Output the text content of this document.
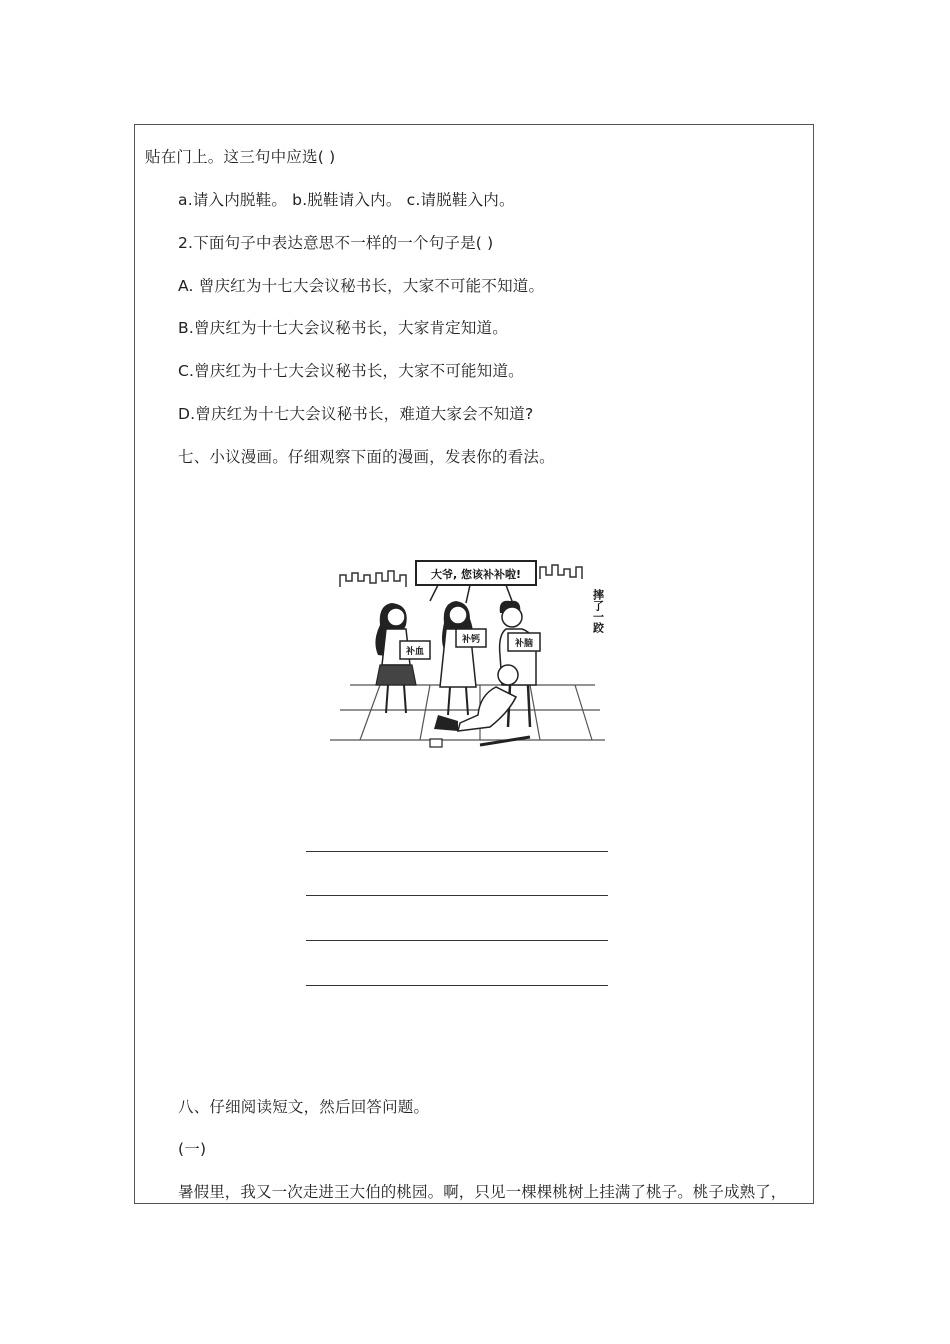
贴在门上。这三句中应选( )
a.请入内脱鞋。 b.脱鞋请入内。 c.请脱鞋入内。
2.下面句子中表达意思不一样的一个句子是( )
A. 曾庆红为十七大会议秘书长，大家不可能不知道。
B.曾庆红为十七大会议秘书长，大家肯定知道。
C.曾庆红为十七大会议秘书长，大家不可能知道。
D.曾庆红为十七大会议秘书长，难道大家会不知道?
七、小议漫画。仔细观察下面的漫画，发表你的看法。
大爷, 您该补补啦!
补血
补钙	补脑
摔了一跤
八、仔细阅读短文，然后回答问题。
(一)
暑假里，我又一次走进王大伯的桃园。啊，只见一棵棵桃树上挂满了桃子。桃子成熟了，
